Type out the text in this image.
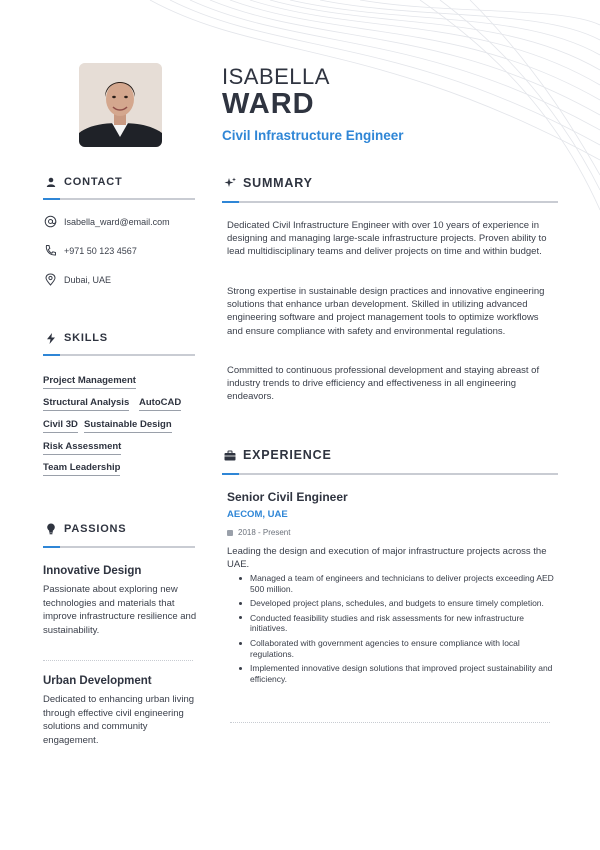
ISABELLA
WARD
Civil Infrastructure Engineer
CONTACT
Isabella_ward@email.com
+971 50 123 4567
Dubai, UAE
SKILLS
Project Management
Structural Analysis AutoCAD
Civil 3D Sustainable Design
Risk Assessment
Team Leadership
PASSIONS
Innovative Design
Passionate about exploring new technologies and materials that improve infrastructure resilience and sustainability.
Urban Development
Dedicated to enhancing urban living through effective civil engineering solutions and community engagement.
SUMMARY

Dedicated Civil Infrastructure Engineer with over 10 years of experience in designing and managing large-scale infrastructure projects. Proven ability to lead multidisciplinary teams and deliver projects on time and within budget.

Strong expertise in sustainable design practices and innovative engineering solutions that enhance urban development. Skilled in utilizing advanced engineering software and project management tools to optimize workflows and ensure compliance with safety and environmental regulations.

Committed to continuous professional development and staying abreast of industry trends to drive efficiency and effectiveness in all engineering endeavors.

EXPERIENCE
Senior Civil Engineer
AECOM, UAE
2018 - Present

Leading the design and execution of major infrastructure projects across the UAE.

Managed a team of engineers and technicians to deliver projects exceeding AED 500 million.
Developed project plans, schedules, and budgets to ensure timely completion.
Conducted feasibility studies and risk assessments for new infrastructure initiatives.
Collaborated with government agencies to ensure compliance with local regulations.
Implemented innovative design solutions that improved project sustainability and efficiency.
